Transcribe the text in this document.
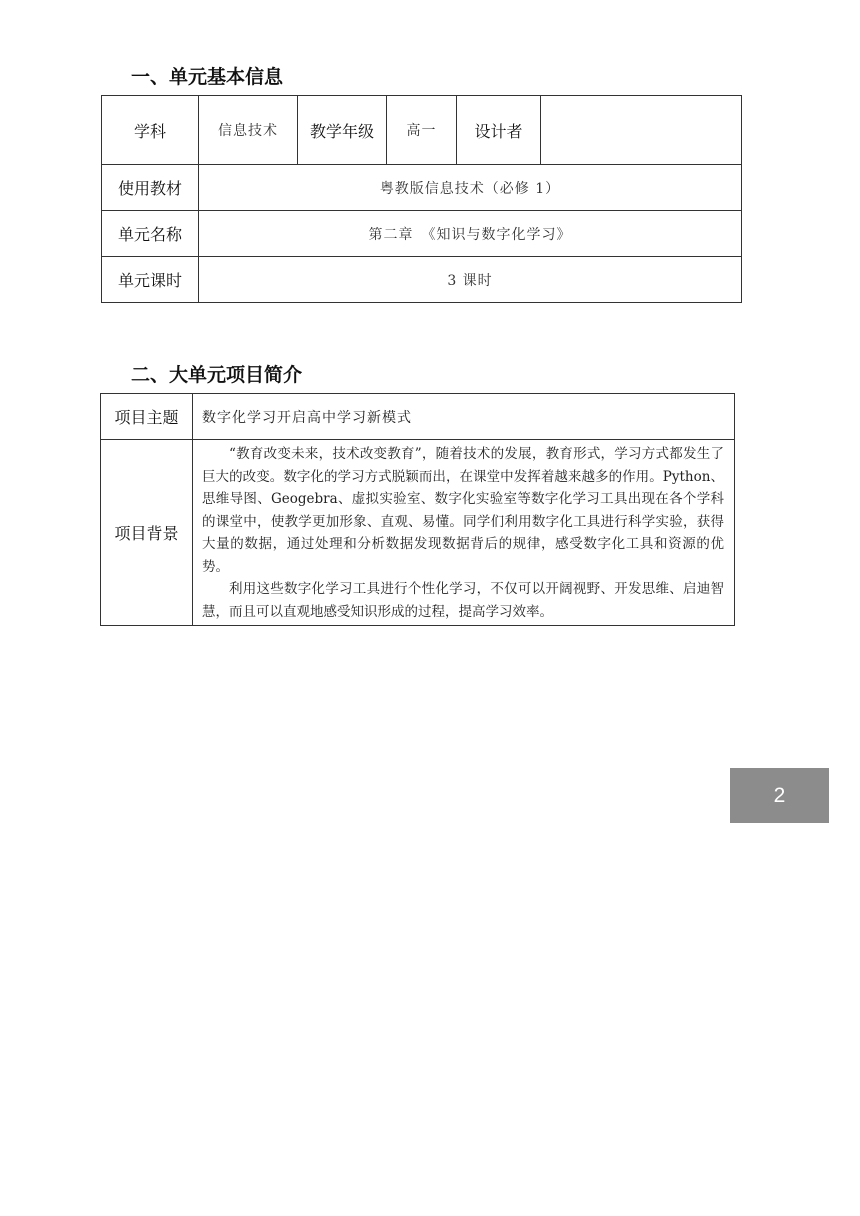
一、单元基本信息
学科	信息技术	教学年级	高一	设计者	
使用教材	粤教版信息技术（必修 1）				
单元名称	第二章　《知识与数字化学习》				
单元课时	3 课时				
二、大单元项目简介
项目主题	数字化学习开启高中学习新模式
项目背景	“教育改变未来，技术改变教育”，随着技术的发展，教育形式，学习方式都发生了巨大的改变。数字化的学习方式脱颖而出，在课堂中发挥着越来越多的作用。Python、思维导图、Geogebra、虚拟实验室、数字化实验室等数字化学习工具出现在各个学科的课堂中，使教学更加形象、直观、易懂。同学们利用数字化工具进行科学实验，获得大量的数据，通过处理和分析数据发现数据背后的规律，感受数字化工具和资源的优势。

利用这些数字化学习工具进行个性化学习，不仅可以开阔视野、开发思维、启迪智慧，而且可以直观地感受知识形成的过程，提高学习效率。

2
